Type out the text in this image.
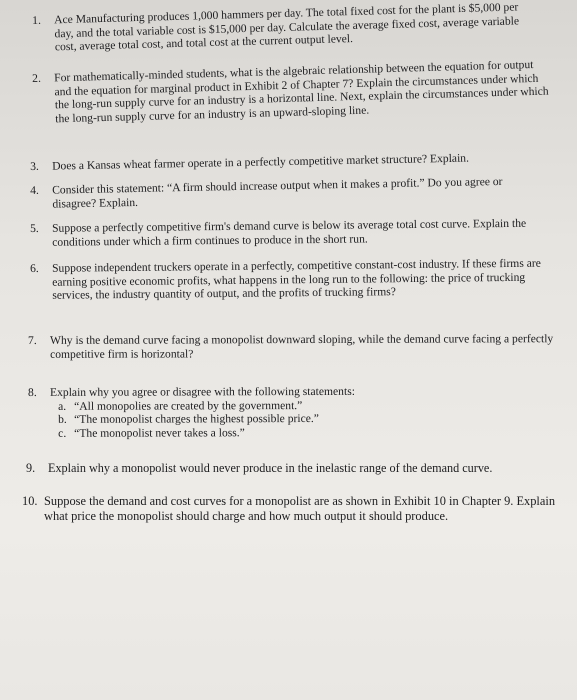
1.	Ace Manufacturing produces 1,000 hammers per day. The total fixed cost for the plant is $5,000 per day, and the total variable cost is $15,000 per day. Calculate the average fixed cost, average variable cost, average total cost, and total cost at the current output level.

2.	For mathematically-minded students, what is the algebraic relationship between the equation for output and the equation for marginal product in Exhibit 2 of Chapter 7? Explain the circumstances under which the long-run supply curve for an industry is a horizontal line. Next, explain the circumstances under which the long-run supply curve for an industry is an upward-sloping line.

3.	Does a Kansas wheat farmer operate in a perfectly competitive market structure? Explain.

4.	Consider this statement: “A firm should increase output when it makes a profit.” Do you agree or disagree? Explain.

5.	Suppose a perfectly competitive firm's demand curve is below its average total cost curve. Explain the conditions under which a firm continues to produce in the short run.

6.	Suppose independent truckers operate in a perfectly, competitive constant-cost industry. If these firms are earning positive economic profits, what happens in the long run to the following: the price of trucking services, the industry quantity of output, and the profits of trucking firms?

7.	Why is the demand curve facing a monopolist downward sloping, while the demand curve facing a perfectly competitive firm is horizontal?

8.	Explain why you agree or disagree with the following statements:

a. “All monopolies are created by the government.”

b. “The monopolist charges the highest possible price.”

c. “The monopolist never takes a loss.”

9.	Explain why a monopolist would never produce in the inelastic range of the demand curve.

10. Suppose the demand and cost curves for a monopolist are as shown in Exhibit 10 in Chapter 9. Explain what price the monopolist should charge and how much output it should produce.
